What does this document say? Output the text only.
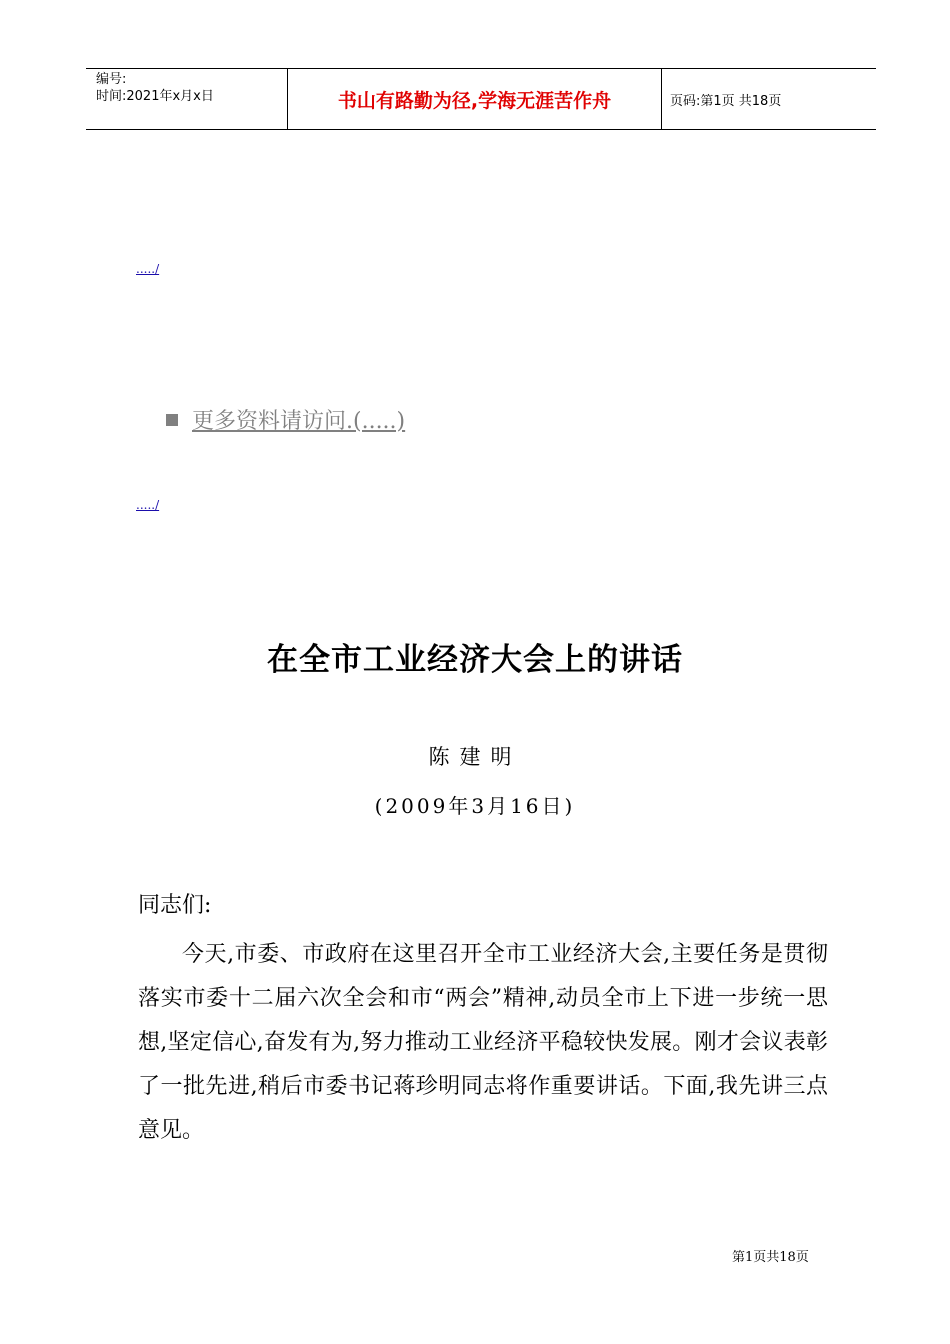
编号:
时间:2021年x月x日	书山有路勤为径,学海无涯苦作舟	页码:第1页 共18页
...../
更多资料请访问.(.....)
...../
在全市工业经济大会上的讲话
陈建明
(2009年3月16日)
同志们:
今天,市委、市政府在这里召开全市工业经济大会,主要任务是贯彻落实市委十二届六次全会和市“两会”精神,动员全市上下进一步统一思想,坚定信心,奋发有为,努力推动工业经济平稳较快发展。刚才会议表彰了一批先进,稍后市委书记蒋珍明同志将作重要讲话。下面,我先讲三点意见。
第1页共18页
